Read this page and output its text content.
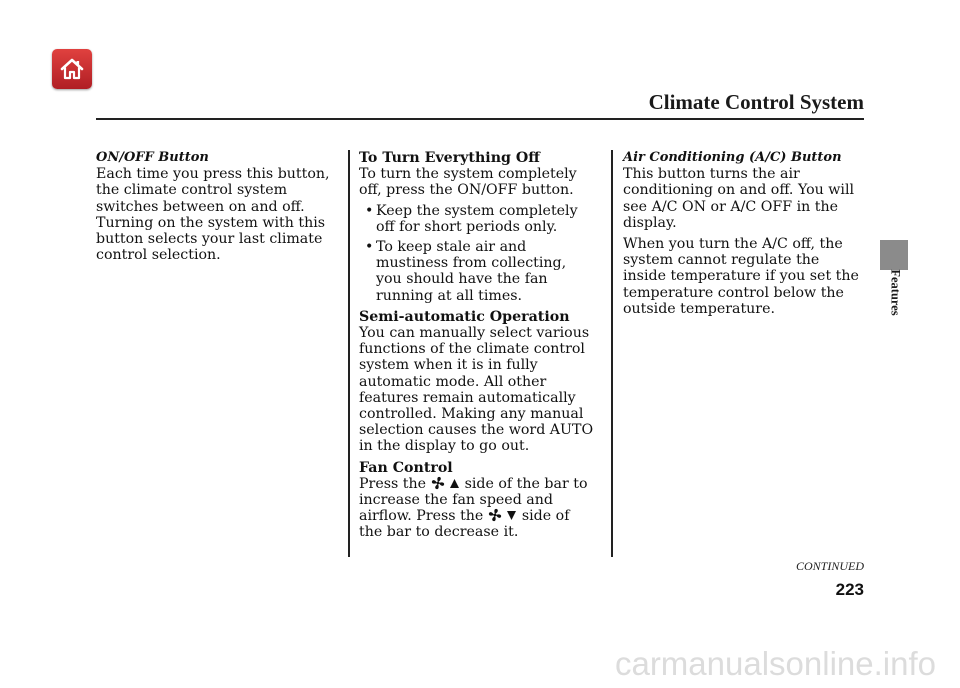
Climate Control System
ON/OFF Button

Each time you press this button, the climate control system switches between on and off. Turning on the system with this button selects your last climate control selection.

To Turn Everything Off

To turn the system completely off, press the ON/OFF button.

• Keep the system completely off for short periods only.
• To keep stale air and mustiness from collecting, you should have the fan running at all times.
Semi-automatic Operation

You can manually select various functions of the climate control system when it is in fully automatic mode. All other features remain automatically controlled. Making any manual selection causes the word AUTO in the display to go out.

Fan Control

Press the	side of the bar to increase the fan speed and airflow. Press the	side of the bar to decrease it.

Air Conditioning (A/C) Button

This button turns the air conditioning on and off. You will see A/C ON or A/C OFF in the display.

When you turn the A/C off, the system cannot regulate the inside temperature if you set the temperature control below the outside temperature.	Features
CONTINUED
223
carmanualsonline.info
